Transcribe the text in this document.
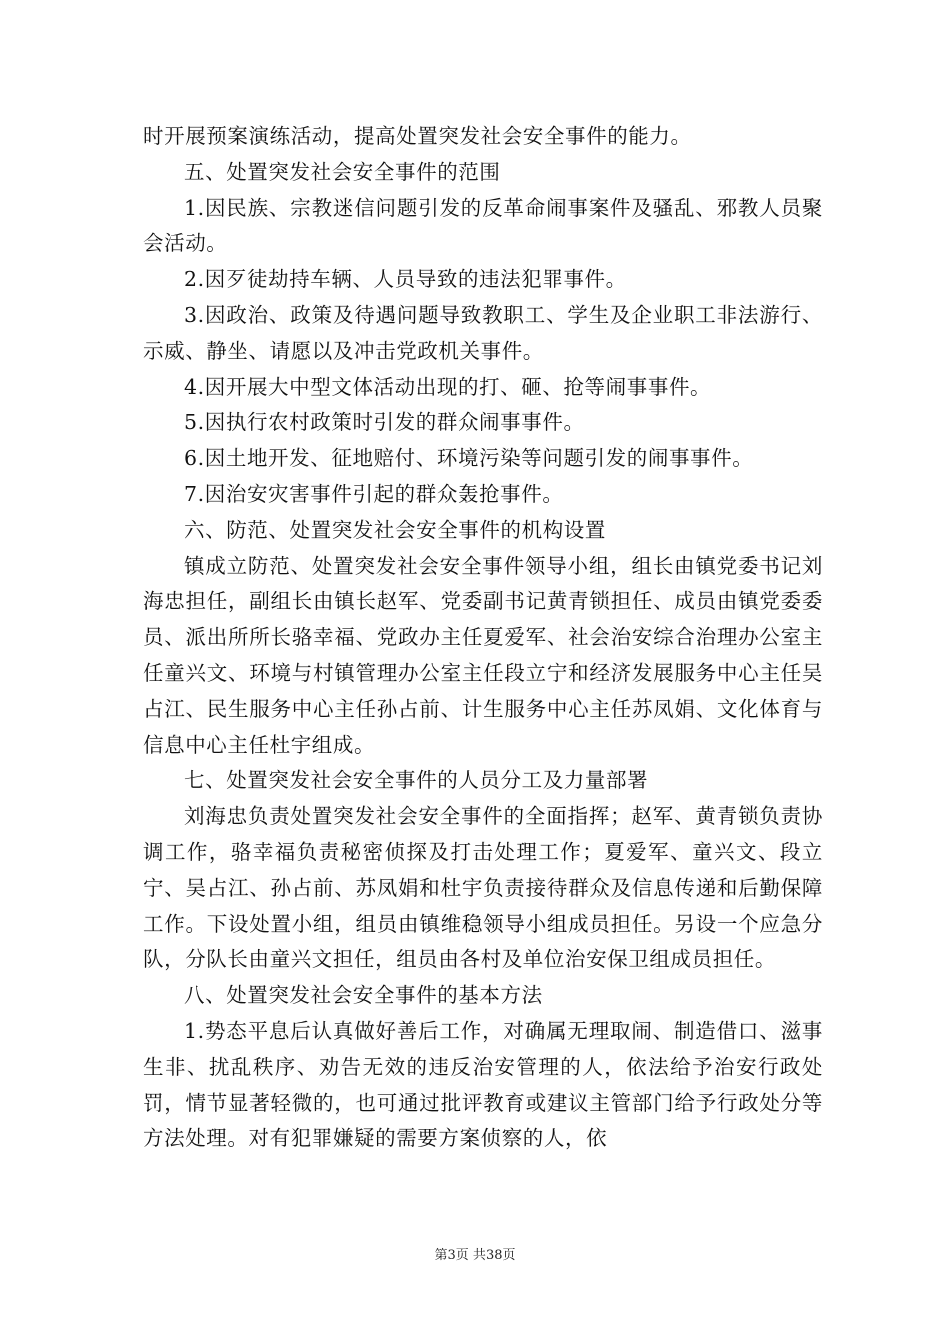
时开展预案演练活动，提高处置突发社会安全事件的能力。

五、处置突发社会安全事件的范围

1.因民族、宗教迷信问题引发的反革命闹事案件及骚乱、邪教人员聚会活动。

2.因歹徒劫持车辆、人员导致的违法犯罪事件。

3.因政治、政策及待遇问题导致教职工、学生及企业职工非法游行、示威、静坐、请愿以及冲击党政机关事件。

4.因开展大中型文体活动出现的打、砸、抢等闹事事件。

5.因执行农村政策时引发的群众闹事事件。

6.因土地开发、征地赔付、环境污染等问题引发的闹事事件。

7.因治安灾害事件引起的群众轰抢事件。

六、防范、处置突发社会安全事件的机构设置

镇成立防范、处置突发社会安全事件领导小组，组长由镇党委书记刘海忠担任，副组长由镇长赵军、党委副书记黄青锁担任、成员由镇党委委员、派出所所长骆幸福、党政办主任夏爱军、社会治安综合治理办公室主任童兴文、环境与村镇管理办公室主任段立宁和经济发展服务中心主任吴占江、民生服务中心主任孙占前、计生服务中心主任苏凤娟、文化体育与信息中心主任杜宇组成。

七、处置突发社会安全事件的人员分工及力量部署

刘海忠负责处置突发社会安全事件的全面指挥；赵军、黄青锁负责协调工作，骆幸福负责秘密侦探及打击处理工作；夏爱军、童兴文、段立宁、吴占江、孙占前、苏凤娟和杜宇负责接待群众及信息传递和后勤保障工作。下设处置小组，组员由镇维稳领导小组成员担任。另设一个应急分队，分队长由童兴文担任，组员由各村及单位治安保卫组成员担任。

八、处置突发社会安全事件的基本方法

1.势态平息后认真做好善后工作，对确属无理取闹、制造借口、滋事生非、扰乱秩序、劝告无效的违反治安管理的人，依法给予治安行政处罚，情节显著轻微的，也可通过批评教育或建议主管部门给予行政处分等方法处理。对有犯罪嫌疑的需要方案侦察的人，依

第3页 共38页
